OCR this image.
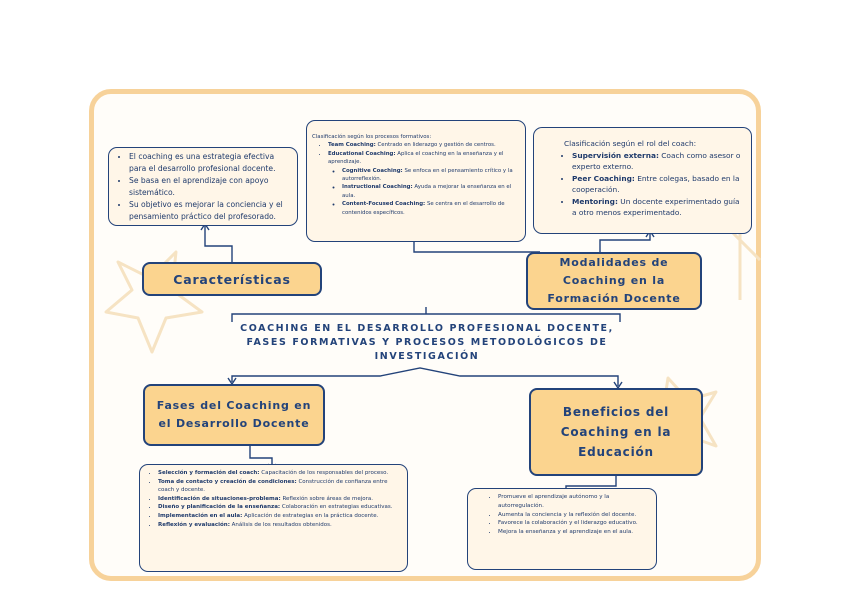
• El coaching es una estrategia efectiva para el desarrollo profesional docente.
• Se basa en el aprendizaje con apoyo sistemático.
• Su objetivo es mejorar la conciencia y el pensamiento práctico del profesorado.
Clasificación según los procesos formativos:
• Team Coaching: Centrado en liderazgo y gestión de centros.
• Educational Coaching: Aplica el coaching en la enseñanza y el aprendizaje.
◦ Cognitive Coaching: Se enfoca en el pensamiento crítico y la autorreflexión.
◦ Instructional Coaching: Ayuda a mejorar la enseñanza en el aula.
◦ Content-Focused Coaching: Se centra en el desarrollo de contenidos específicos.
Clasificación según el rol del coach:
• Supervisión externa: Coach como asesor o experto externo.
• Peer Coaching: Entre colegas, basado en la cooperación.
• Mentoring: Un docente experimentado guía a otro menos experimentado.
Características
Modalidades de
Coaching en la
Formación Docente
COACHING EN EL DESARROLLO PROFESIONAL DOCENTE,
FASES FORMATIVAS Y PROCESOS METODOLÓGICOS DE
INVESTIGACIÓN
Fases del Coaching en
el Desarrollo Docente
Beneficios del
Coaching en la
Educación
• Selección y formación del coach: Capacitación de los responsables del proceso.
• Toma de contacto y creación de condiciones: Construcción de confianza entre coach y docente.
• Identificación de situaciones-problema: Reflexión sobre áreas de mejora.
• Diseño y planificación de la enseñanza: Colaboración en estrategias educativas.
• Implementación en el aula: Aplicación de estrategias en la práctica docente.
• Reflexión y evaluación: Análisis de los resultados obtenidos.
• Promueve el aprendizaje autónomo y la autorregulación.
• Aumenta la conciencia y la reflexión del docente.
• Favorece la colaboración y el liderazgo educativo.
• Mejora la enseñanza y el aprendizaje en el aula.
